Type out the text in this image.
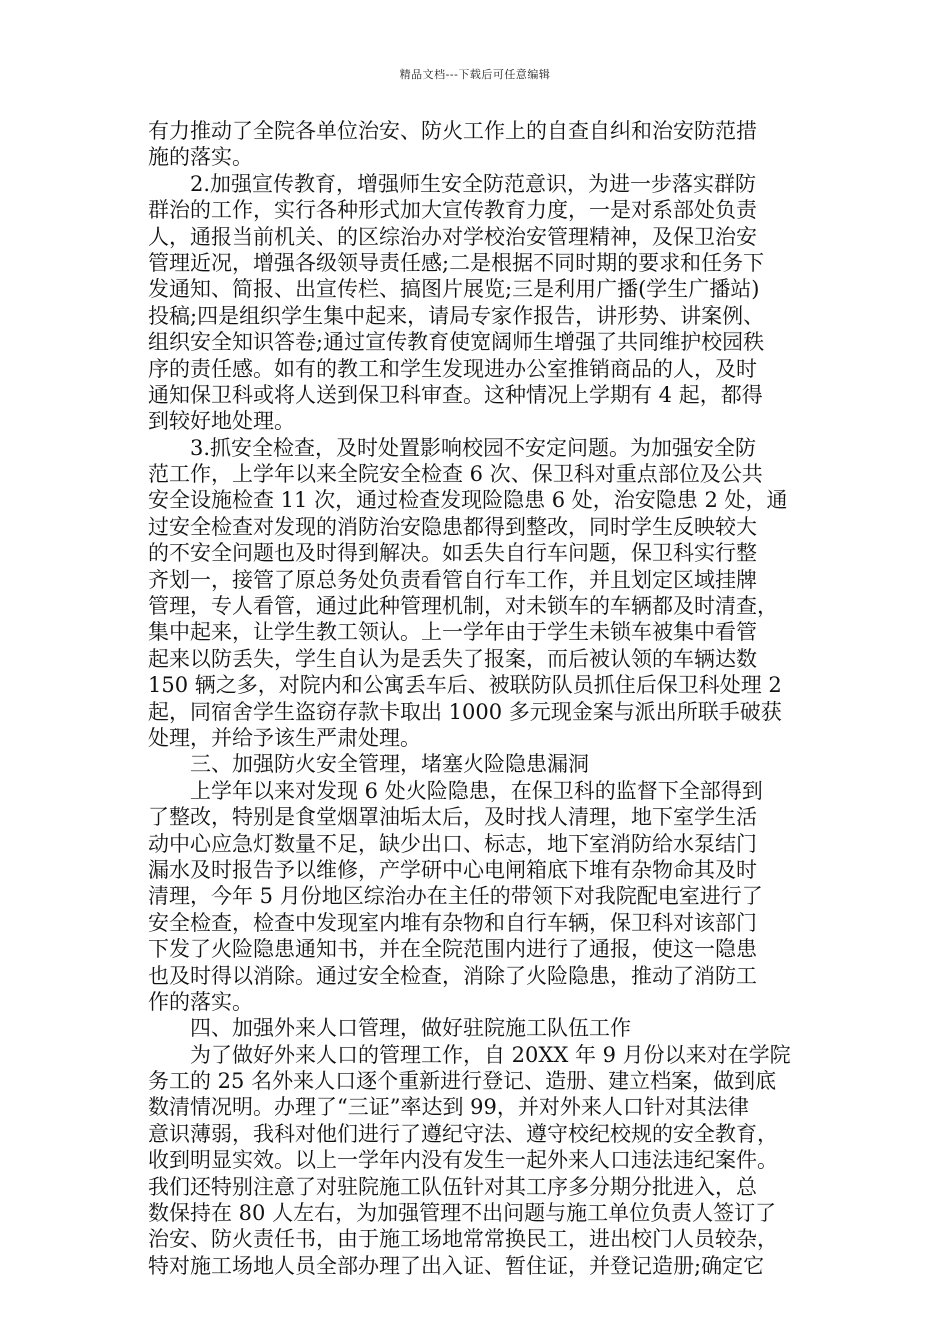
精品文档---下载后可任意编辑
有力推动了全院各单位治安、防火工作上的自查自纠和治安防范措
施的落实。
2.加强宣传教育，增强师生安全防范意识，为进一步落实群防
群治的工作，实行各种形式加大宣传教育力度，一是对系部处负责
人，通报当前机关、的区综治办对学校治安管理精神，及保卫治安
管理近况，增强各级领导责任感;二是根据不同时期的要求和任务下
发通知、简报、出宣传栏、搞图片展览;三是利用广播(学生广播站)
投稿;四是组织学生集中起来，请局专家作报告，讲形势、讲案例、
组织安全知识答卷;通过宣传教育使宽阔师生增强了共同维护校园秩
序的责任感。如有的教工和学生发现进办公室推销商品的人，及时
通知保卫科或将人送到保卫科审查。这种情况上学期有 4 起，都得
到较好地处理。
3.抓安全检查，及时处置影响校园不安定问题。为加强安全防
范工作，上学年以来全院安全检查 6 次、保卫科对重点部位及公共
安全设施检查 11 次，通过检查发现险隐患 6 处，治安隐患 2 处，通
过安全检查对发现的消防治安隐患都得到整改，同时学生反映较大
的不安全问题也及时得到解决。如丢失自行车问题，保卫科实行整
齐划一，接管了原总务处负责看管自行车工作，并且划定区域挂牌
管理，专人看管，通过此种管理机制，对未锁车的车辆都及时清查，
集中起来，让学生教工领认。上一学年由于学生未锁车被集中看管
起来以防丢失，学生自认为是丢失了报案，而后被认领的车辆达数
150 辆之多，对院内和公寓丢车后、被联防队员抓住后保卫科处理 2
起，同宿舍学生盗窃存款卡取出 1000 多元现金案与派出所联手破获
处理，并给予该生严肃处理。
三、加强防火安全管理，堵塞火险隐患漏洞
上学年以来对发现 6 处火险隐患，在保卫科的监督下全部得到
了整改，特别是食堂烟罩油垢太后，及时找人清理，地下室学生活
动中心应急灯数量不足，缺少出口、标志，地下室消防给水泵结门
漏水及时报告予以维修，产学研中心电闸箱底下堆有杂物命其及时
清理，今年 5 月份地区综治办在主任的带领下对我院配电室进行了
安全检查，检查中发现室内堆有杂物和自行车辆，保卫科对该部门
下发了火险隐患通知书，并在全院范围内进行了通报，使这一隐患
也及时得以消除。通过安全检查，消除了火险隐患，推动了消防工
作的落实。
四、加强外来人口管理，做好驻院施工队伍工作
为了做好外来人口的管理工作，自 20XX 年 9 月份以来对在学院
务工的 25 名外来人口逐个重新进行登记、造册、建立档案，做到底
数清情况明。办理了“三证”率达到 99，并对外来人口针对其法律
意识薄弱，我科对他们进行了遵纪守法、遵守校纪校规的安全教育，
收到明显实效。以上一学年内没有发生一起外来人口违法违纪案件。
我们还特别注意了对驻院施工队伍针对其工序多分期分批进入，总
数保持在 80 人左右，为加强管理不出问题与施工单位负责人签订了
治安、防火责任书，由于施工场地常常换民工，进出校门人员较杂，
特对施工场地人员全部办理了出入证、暂住证，并登记造册;确定它
